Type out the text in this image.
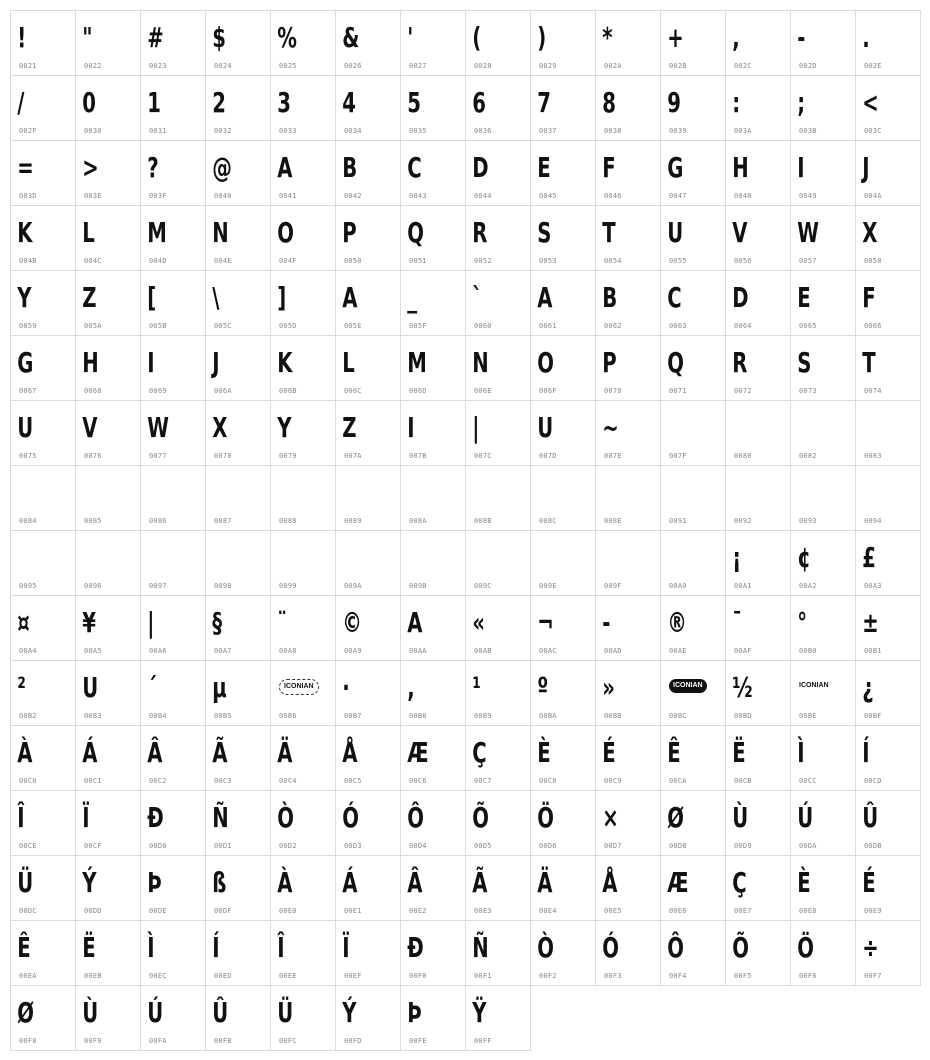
!
0021
"
0022
#
0023
$
0024
%
0025
&
0026
'
0027
(
0028
)
0029
*
002A
+
002B
,
002C
-
002D
.
002E
/
002F
0
0030
1
0031
2
0032
3
0033
4
0034
5
0035
6
0036
7
0037
8
0038
9
0039
:
003A
;
003B
<
003C
=
003D
>
003E
?
003F
@
0040
A
0041
B
0042
C
0043
D
0044
E
0045
F
0046
G
0047
H
0048
I
0049
J
004A
K
004B
L
004C
M
004D
N
004E
O
004F
P
0050
Q
0051
R
0052
S
0053
T
0054
U
0055
V
0056
W
0057
X
0058
Y
0059
Z
005A
[
005B
\
005C
]
005D
A
005E
_
005F
`
0060
A
0061
B
0062
C
0063
D
0064
E
0065
F
0066
G
0067
H
0068
I
0069
J
006A
K
006B
L
006C
M
006D
N
006E
O
006F
P
0070
Q
0071
R
0072
S
0073
T
0074
U
0075
V
0076
W
0077
X
0078
Y
0079
Z
007A
I
007B
|
007C
U
007D
~
007E	007F	0080	0082	0083
0084	0085	0086	0087	0088	0089	008A	008B	008C	008E	0091	0092	0093	0094
0095	0096	0097	0098	0099	009A	009B	009C	009E	009F	00A0
¡
00A1
¢
00A2
£
00A3
¤
00A4
¥
00A5
|
00A6
§
00A7
¨
00A8
©
00A9
A
00AA
«
00AB
¬
00AC
-
00AD
®
00AE
¯
00AF
°
00B0
±
00B1
²
00B2
U
00B3
´
00B4
µ
00B5
ICONIAN
00B6
·
00B7
,
00B8
¹
00B9
º
00BA
»
00BB
ICONIAN
00BC
½
00BD
ICONIAN
00BE
¿
00BF
À
00C0
Á
00C1
Â
00C2
Ã
00C3
Ä
00C4
Å
00C5
Æ
00C6
Ç
00C7
È
00C8
É
00C9
Ê
00CA
Ë
00CB
Ì
00CC
Í
00CD
Î
00CE
Ï
00CF
Ð
00D0
Ñ
00D1
Ò
00D2
Ó
00D3
Ô
00D4
Õ
00D5
Ö
00D6
×
00D7
Ø
00D8
Ù
00D9
Ú
00DA
Û
00DB
Ü
00DC
Ý
00DD
Þ
00DE
ß
00DF
À
00E0
Á
00E1
Â
00E2
Ã
00E3
Ä
00E4
Å
00E5
Æ
00E6
Ç
00E7
È
00E8
É
00E9
Ê
00EA
Ë
00EB
Ì
00EC
Í
00ED
Î
00EE
Ï
00EF
Ð
00F0
Ñ
00F1
Ò
00F2
Ó
00F3
Ô
00F4
Õ
00F5
Ö
00F6
÷
00F7
Ø
00F8
Ù
00F9
Ú
00FA
Û
00FB
Ü
00FC
Ý
00FD
Þ
00FE
Ÿ
00FF
